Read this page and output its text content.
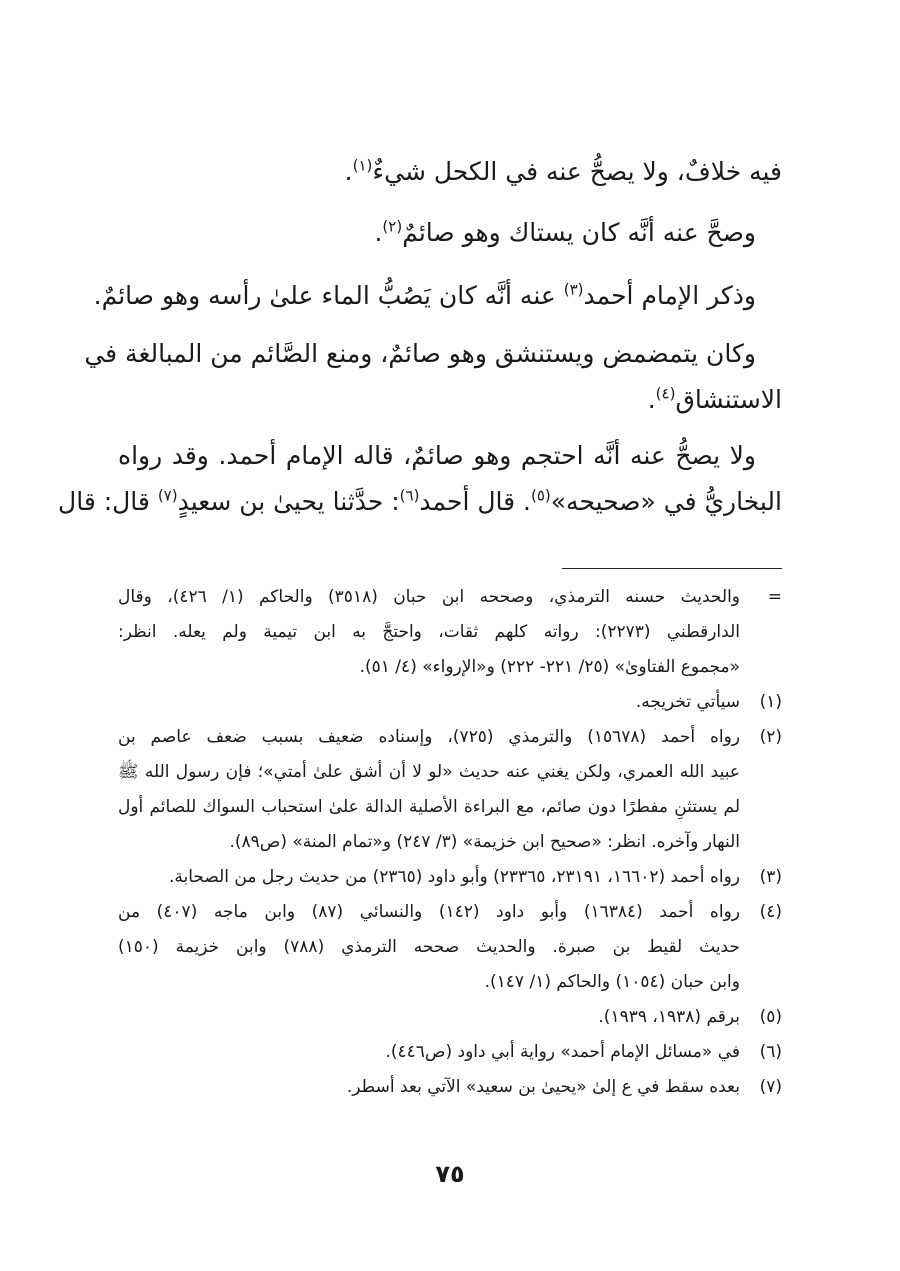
فيه خلافٌ، ولا يصحُّ عنه في الكحل شيءٌ$^{(١)}$.

وصحَّ عنه أنَّه كان يستاك وهو صائمٌ$^{(٢)}$.

وذكر الإمام أحمد$^{(٣)}$ عنه أنَّه كان يَصُبُّ الماء علىٰ رأسه وهو صائمٌ.

وكان يتمضمض ويستنشق وهو صائمٌ، ومنع الصَّائم من المبالغة في

الاستنشاق$^{(٤)}$.

ولا يصحُّ عنه أنَّه احتجم وهو صائمٌ، قاله الإمام أحمد. وقد رواه

البخاريُّ في «صحيحه»$^{(٥)}$. قال أحمد$^{(٦)}$: حدَّثنا يحيىٰ بن سعيدٍ$^{(٧)}$ قال: قال

=

والحديث حسنه الترمذي، وصححه ابن حبان (٣٥١٨) والحاكم (١/ ٤٢٦)، وقال

الدارقطني (٢٢٧٣): رواته كلهم ثقات، واحتجَّ به ابن تيمية ولم يعله. انظر:

«مجموع الفتاوىٰ» (٢٥/ ٢٢١- ٢٢٢) و«الإرواء» (٤/ ٥١).

(١)

سيأتي تخريجه.

(٢)

رواه أحمد (١٥٦٧٨) والترمذي (٧٢٥)، وإسناده ضعيف بسبب ضعف عاصم بن

عبيد الله العمري، ولكن يغني عنه حديث «لو لا أن أشق علىٰ أمتي»؛ فإن رسول الله ﷺ

لم يستثنِ مفطرًا دون صائم، مع البراءة الأصلية الدالة علىٰ استحباب السواك للصائم أول

النهار وآخره. انظر: «صحيح ابن خزيمة» (٣/ ٢٤٧) و«تمام المنة» (ص٨٩).

(٣)

رواه أحمد (١٦٦٠٢، ٢٣١٩١، ٢٣٣٦٥) وأبو داود (٢٣٦٥) من حديث رجل من الصحابة.

(٤)

رواه أحمد (١٦٣٨٤) وأبو داود (١٤٢) والنسائي (٨٧) وابن ماجه (٤٠٧) من

حديث لقيط بن صبرة. والحديث صححه الترمذي (٧٨٨) وابن خزيمة (١٥٠)

وابن حبان (١٠٥٤) والحاكم (١/ ١٤٧).

(٥)

برقم (١٩٣٨، ١٩٣٩).

(٦)

في «مسائل الإمام أحمد» رواية أبي داود (ص٤٤٦).

(٧)

بعده سقط في ع إلىٰ «يحيىٰ بن سعيد» الآتي بعد أسطر.

٧٥
